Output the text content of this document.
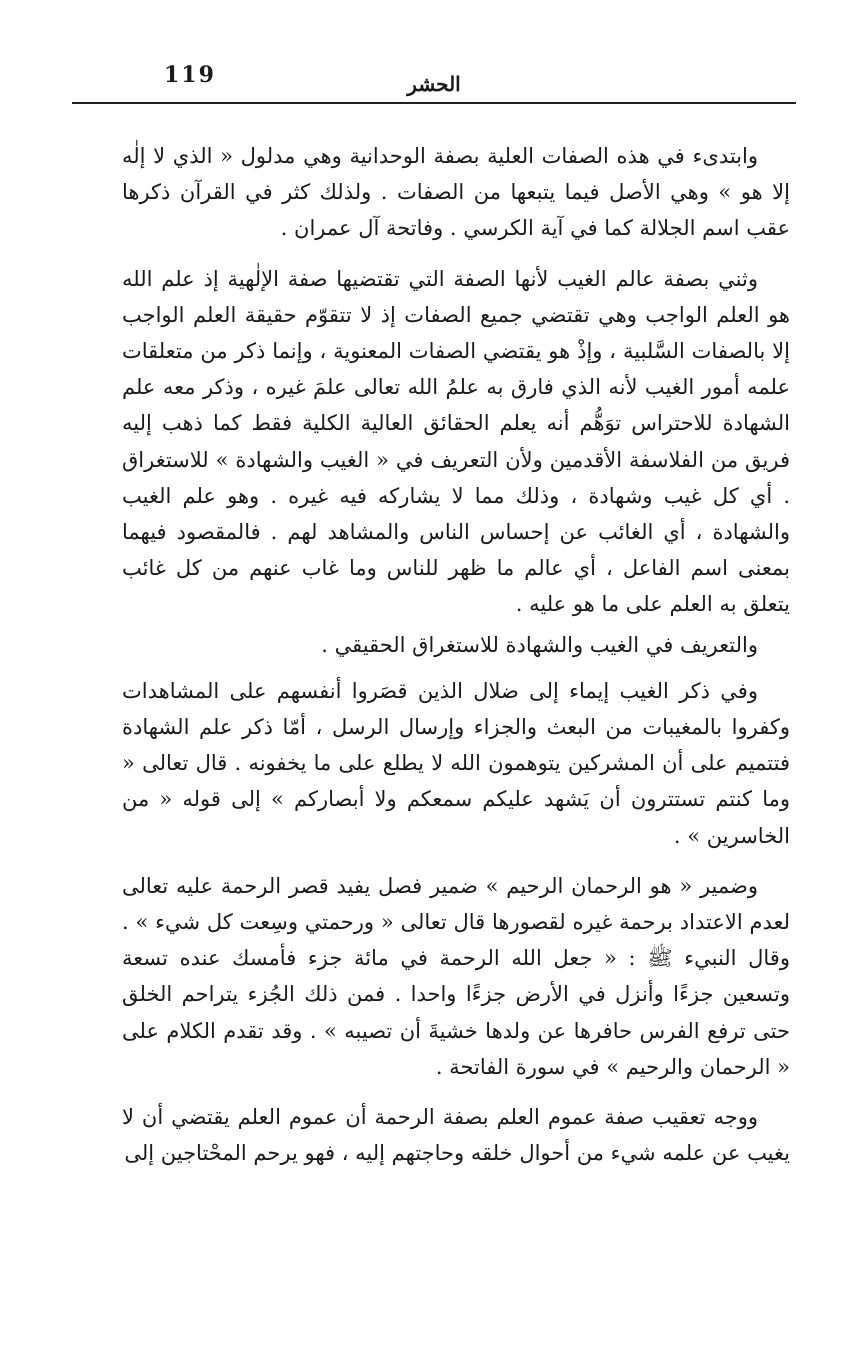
119	الحشر

وابتدىء في هذه الصفات العلية بصفة الوحدانية وهي مدلول « الذي لا إلٰه إلا هو » وهي الأصل فيما يتبعها من الصفات . ولذلك كثر في القرآن ذكرها عقب اسم الجلالة كما في آية الكرسي . وفاتحة آل عمران .

وثني بصفة عالم الغيب لأنها الصفة التي تقتضيها صفة الإلٰهية إذ علم الله هو العلم الواجب وهي تقتضي جميع الصفات إذ لا تتقوّم حقيقة العلم الواجب إلا بالصفات السَّلبية ، وإذْ هو يقتضي الصفات المعنوية ، وإنما ذكر من متعلقات علمه أمور الغيب لأنه الذي فارق به علمُ الله تعالى علمَ غيره ، وذكر معه علم الشهادة للاحتراس توَهُّم أنه يعلم الحقائق العالية الكلية فقط كما ذهب إليه فريق من الفلاسفة الأقدمين ولأن التعريف في « الغيب والشهادة » للاستغراق . أي كل غيب وشهادة ، وذلك مما لا يشاركه فيه غيره . وهو علم الغيب والشهادة ، أي الغائب عن إحساس الناس والمشاهد لهم . فالمقصود فيهما بمعنى اسم الفاعل ، أي عالم ما ظهر للناس وما غاب عنهم من كل غائب يتعلق به العلم على ما هو عليه .

والتعريف في الغيب والشهادة للاستغراق الحقيقي .

وفي ذكر الغيب إيماء إلى ضلال الذين قصَروا أنفسهم على المشاهدات وكفروا بالمغيبات من البعث والجزاء وإرسال الرسل ، أمّا ذكر علم الشهادة فتتميم على أن المشركين يتوهمون الله لا يطلع على ما يخفونه . قال تعالى « وما كنتم تستترون أن يَشهد عليكم سمعكم ولا أبصاركم » إلى قوله « من الخاسرين » .

وضمير « هو الرحمان الرحيم » ضمير فصل يفيد قصر الرحمة عليه تعالى لعدم الاعتداد برحمة غيره لقصورها قال تعالى « ورحمتي وسِعت كل شيء » . وقال النبيء ﷺ : « جعل الله الرحمة في مائة جزء فأمسك عنده تسعة وتسعين جزءًا وأنزل في الأرض جزءًا واحدا . فمن ذلك الجُزء يتراحم الخلق حتى ترفع الفرس حافرها عن ولدها خشيةَ أن تصيبه » . وقد تقدم الكلام على « الرحمان والرحيم » في سورة الفاتحة .

ووجه تعقيب صفة عموم العلم بصفة الرحمة أن عموم العلم يقتضي أن لا يغيب عن علمه شيء من أحوال خلقه وحاجتهم إليه ، فهو يرحم المحْتاجين إلى
